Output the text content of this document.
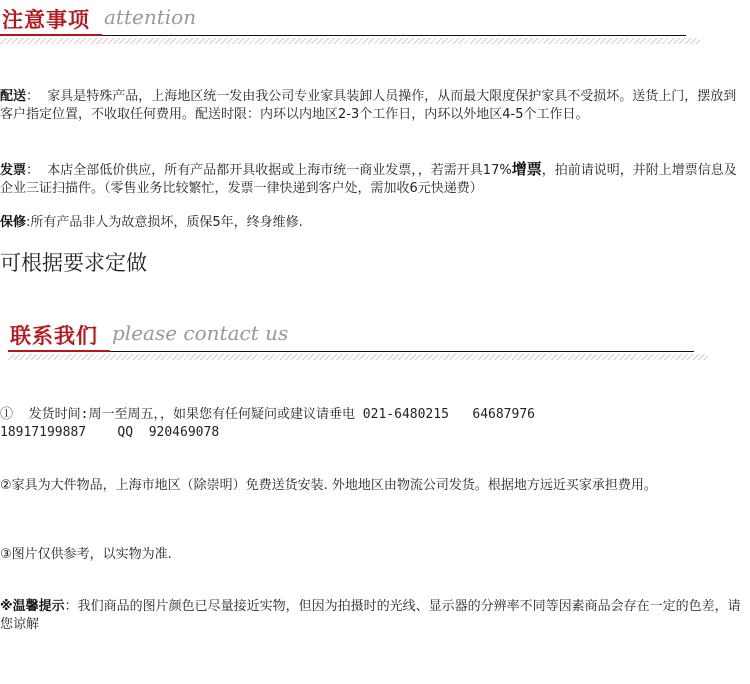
注意事项 attention
配送： 家具是特殊产品，上海地区统一发由我公司专业家具装卸人员操作，从而最大限度保护家具不受损坏。送货上门，摆放到客户指定位置，不收取任何费用。配送时限：内环以内地区2-3个工作日，内环以外地区4-5个工作日。
发票： 本店全部低价供应，所有产品都开具收据或上海市统一商业发票，，若需开具17%增票，拍前请说明，并附上增票信息及企业三证扫描件。（零售业务比较繁忙，发票一律快递到客户处，需加收6元快递费）
保修:所有产品非人为故意损坏，质保5年，终身维修.
可根据要求定做
联系我们 please contact us
①  发货时间:周一至周五，，如果您有任何疑问或建议请垂电 021-6480215   64687976
18917199887    QQ  920469078
②家具为大件物品，上海市地区（除崇明）免费送货安装. 外地地区由物流公司发货。根据地方远近买家承担费用。
③图片仅供参考，以实物为准.
※温馨提示：我们商品的图片颜色已尽量接近实物，但因为拍摄时的光线、显示器的分辨率不同等因素商品会存在一定的色差，请您谅解
